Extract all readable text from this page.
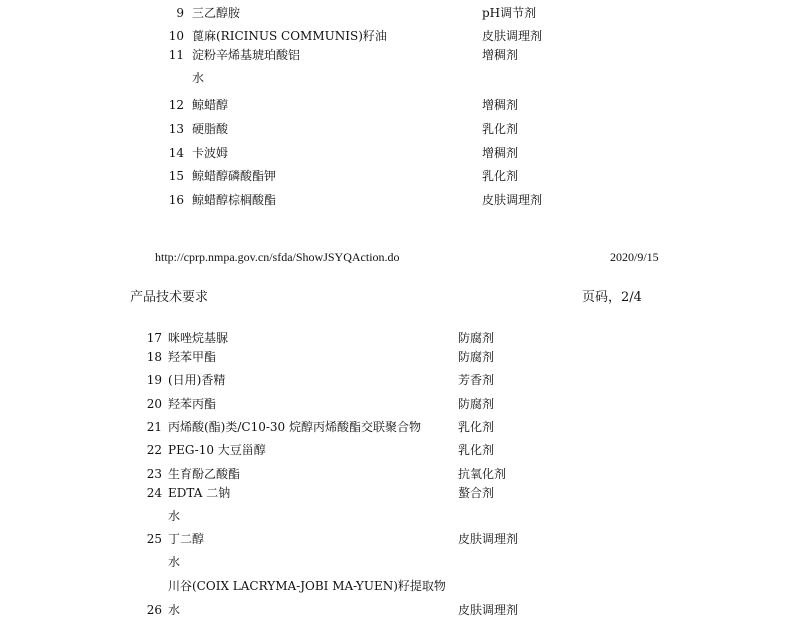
9 三乙醇胺	pH调节剂
10 蓖麻(RICINUS COMMUNIS)籽油	皮肤调理剂
11 淀粉辛烯基琥珀酸铝	增稠剂
水
12 鲸蜡醇	增稠剂
13 硬脂酸	乳化剂
14 卡波姆	增稠剂
15 鲸蜡醇磷酸酯钾	乳化剂
16 鲸蜡醇棕榈酸酯	皮肤调理剂
http://cprp.nmpa.gov.cn/sfda/ShowJSYQAction.do	2020/9/15
产品技术要求	页码，2/4
17 咪唑烷基脲	防腐剂
18 羟苯甲酯	防腐剂
19 (日用)香精	芳香剂
20 羟苯丙酯	防腐剂
21 丙烯酸(酯)类/C10-30 烷醇丙烯酸酯交联聚合物	乳化剂
22 PEG-10 大豆甾醇	乳化剂
23 生育酚乙酸酯	抗氧化剂
24 EDTA 二钠	螯合剂
水
25 丁二醇	皮肤调理剂
水
川谷(COIX LACRYMA-JOBI MA-YUEN)籽提取物
26 水	皮肤调理剂
